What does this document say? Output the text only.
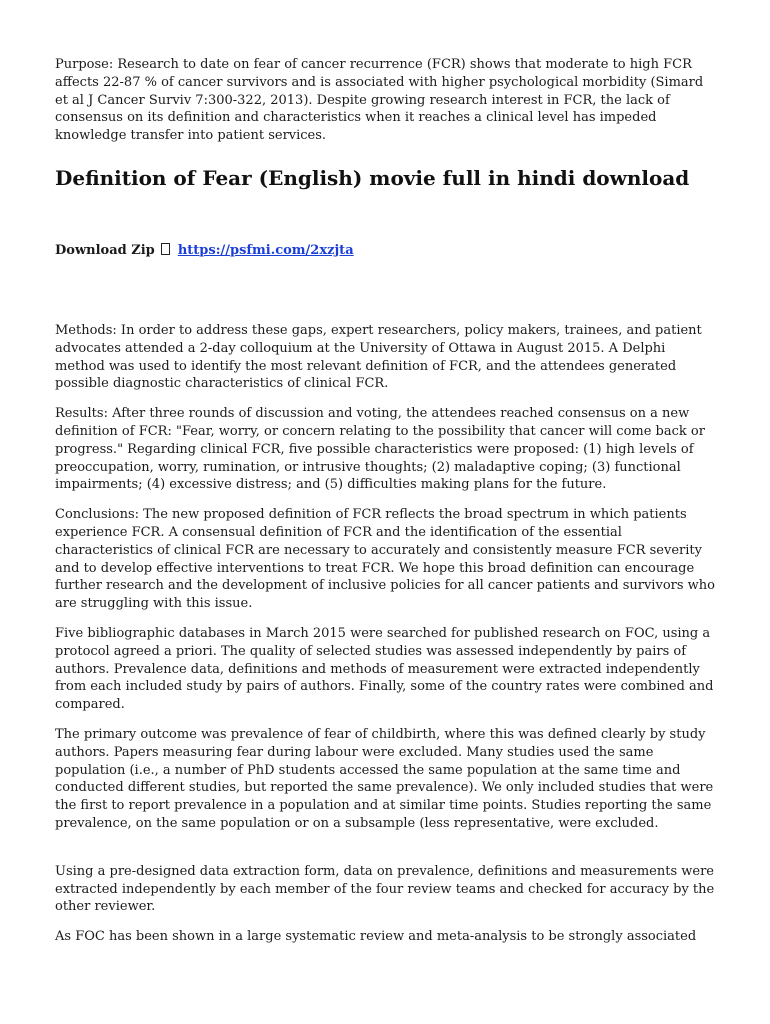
Purpose: Research to date on fear of cancer recurrence (FCR) shows that moderate to high FCR affects 22-87 % of cancer survivors and is associated with higher psychological morbidity (Simard et al J Cancer Surviv 7:300-322, 2013). Despite growing research interest in FCR, the lack of consensus on its definition and characteristics when it reaches a clinical level has impeded knowledge transfer into patient services.

Definition of Fear (English) movie full in hindi download
Download Zip https://psfmi.com/2xzjta

Methods: In order to address these gaps, expert researchers, policy makers, trainees, and patient advocates attended a 2-day colloquium at the University of Ottawa in August 2015. A Delphi method was used to identify the most relevant definition of FCR, and the attendees generated possible diagnostic characteristics of clinical FCR.

Results: After three rounds of discussion and voting, the attendees reached consensus on a new definition of FCR: "Fear, worry, or concern relating to the possibility that cancer will come back or progress." Regarding clinical FCR, five possible characteristics were proposed: (1) high levels of preoccupation, worry, rumination, or intrusive thoughts; (2) maladaptive coping; (3) functional impairments; (4) excessive distress; and (5) difficulties making plans for the future.

Conclusions: The new proposed definition of FCR reflects the broad spectrum in which patients experience FCR. A consensual definition of FCR and the identification of the essential characteristics of clinical FCR are necessary to accurately and consistently measure FCR severity and to develop effective interventions to treat FCR. We hope this broad definition can encourage further research and the development of inclusive policies for all cancer patients and survivors who are struggling with this issue.

Five bibliographic databases in March 2015 were searched for published research on FOC, using a protocol agreed a priori. The quality of selected studies was assessed independently by pairs of authors. Prevalence data, definitions and methods of measurement were extracted independently from each included study by pairs of authors. Finally, some of the country rates were combined and compared.

The primary outcome was prevalence of fear of childbirth, where this was defined clearly by study authors. Papers measuring fear during labour were excluded. Many studies used the same population (i.e., a number of PhD students accessed the same population at the same time and conducted different studies, but reported the same prevalence). We only included studies that were the first to report prevalence in a population and at similar time points. Studies reporting the same prevalence, on the same population or on a subsample (less representative, were excluded.

Using a pre-designed data extraction form, data on prevalence, definitions and measurements were extracted independently by each member of the four review teams and checked for accuracy by the other reviewer.

As FOC has been shown in a large systematic review and meta-analysis to be strongly associated
